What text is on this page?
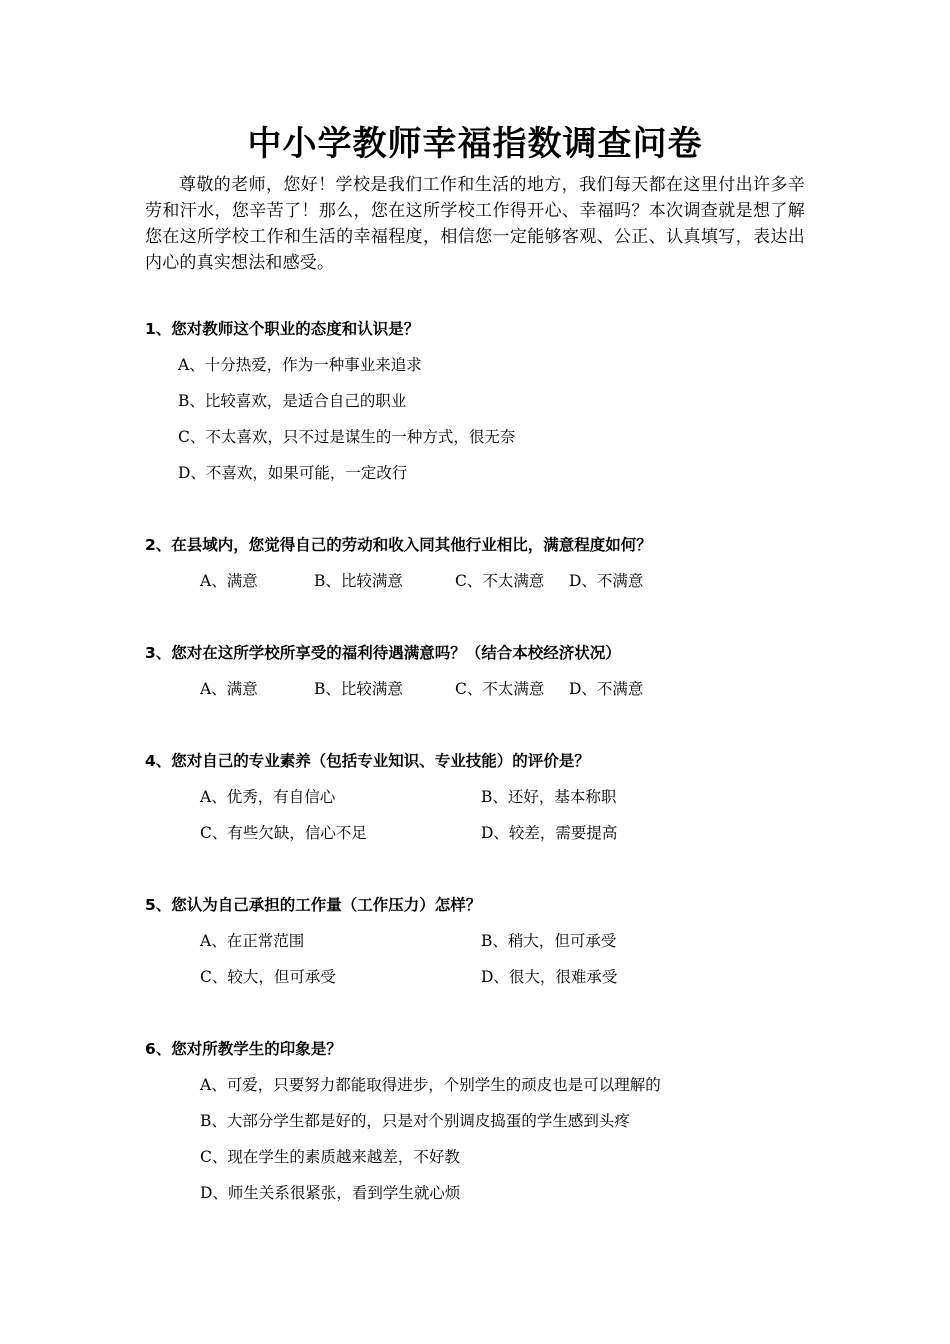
中小学教师幸福指数调查问卷
尊敬的老师，您好！学校是我们工作和生活的地方，我们每天都在这里付出许多辛劳和汗水，您辛苦了！那么，您在这所学校工作得开心、幸福吗？本次调查就是想了解您在这所学校工作和生活的幸福程度，相信您一定能够客观、公正、认真填写，表达出内心的真实想法和感受。
1、您对教师这个职业的态度和认识是？
A、十分热爱，作为一种事业来追求
B、比较喜欢，是适合自己的职业
C、不太喜欢，只不过是谋生的一种方式，很无奈
D、不喜欢，如果可能，一定改行
2、在县域内，您觉得自己的劳动和收入同其他行业相比，满意程度如何？
A、满意	B、比较满意	C、不太满意 D、不满意
3、您对在这所学校所享受的福利待遇满意吗？（结合本校经济状况）
A、满意	B、比较满意	C、不太满意 D、不满意
4、您对自己的专业素养（包括专业知识、专业技能）的评价是？
A、优秀，有自信心	B、还好，基本称职
C、有些欠缺，信心不足	D、较差，需要提高
5、您认为自己承担的工作量（工作压力）怎样？
A、在正常范围	B、稍大，但可承受
C、较大，但可承受	D、很大，很难承受
6、您对所教学生的印象是？
A、可爱，只要努力都能取得进步，个别学生的顽皮也是可以理解的
B、大部分学生都是好的，只是对个别调皮捣蛋的学生感到头疼
C、现在学生的素质越来越差，不好教
D、师生关系很紧张，看到学生就心烦
